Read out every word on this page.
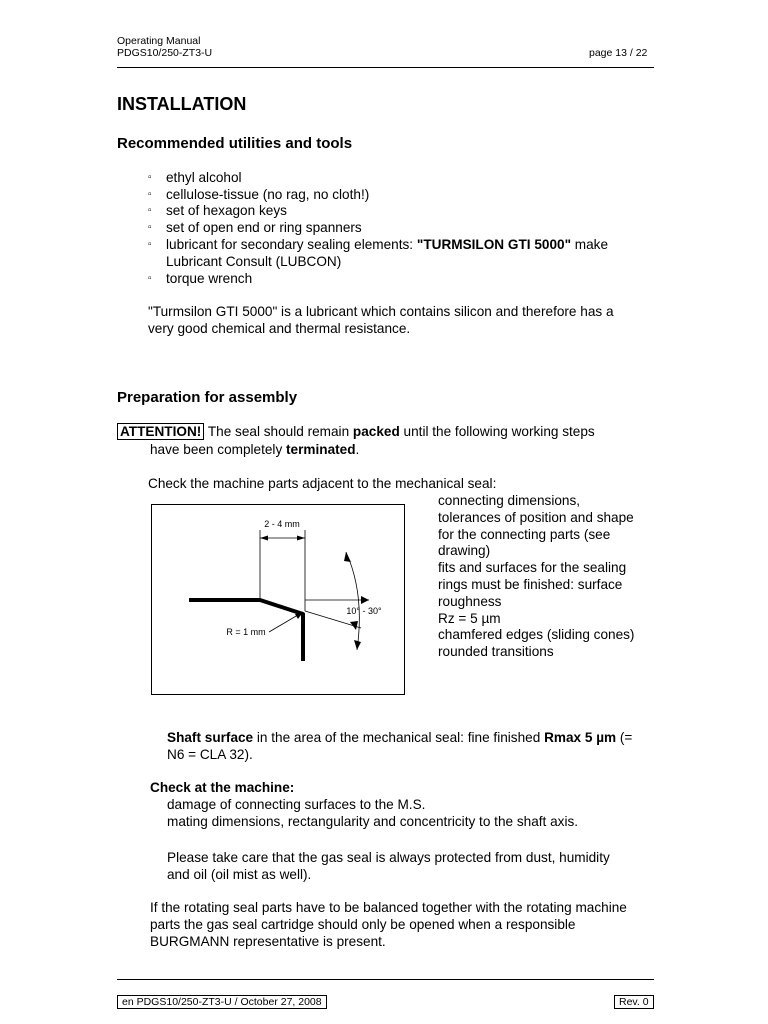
Operating Manual
PDGS10/250-ZT3-U	page 13 / 22
INSTALLATION
Recommended utilities and tools
▫	ethyl alcohol
▫	cellulose-tissue (no rag, no cloth!)
▫	set of hexagon keys
▫	set of open end or ring spanners
▫	lubricant for secondary sealing elements: "TURMSILON GTI 5000" make
Lubricant Consult (LUBCON)
▫	torque wrench
"Turmsilon GTI 5000" is a lubricant which contains silicon and therefore has a
very good chemical and thermal resistance.
Preparation for assembly
ATTENTION! The seal should remain packed until the following working steps
have been completely terminated.
Check the machine parts adjacent to the mechanical seal:
connecting dimensions,
tolerances of position and shape
for the connecting parts (see
drawing)
fits and surfaces for the sealing
rings must be finished: surface
roughness
Rz = 5 µm
chamfered edges (sliding cones)
rounded transitions
2 - 4 mm
10° - 30°
R = 1 mm
Shaft surface in the area of the mechanical seal: fine finished Rmax 5 µm (=
N6 = CLA 32).
Check at the machine:
damage of connecting surfaces to the M.S.
mating dimensions, rectangularity and concentricity to the shaft axis.
Please take care that the gas seal is always protected from dust, humidity
and oil (oil mist as well).
If the rotating seal parts have to be balanced together with the rotating machine
parts the gas seal cartridge should only be opened when a responsible
BURGMANN representative is present.
en PDGS10/250-ZT3-U / October 27, 2008	Rev. 0
